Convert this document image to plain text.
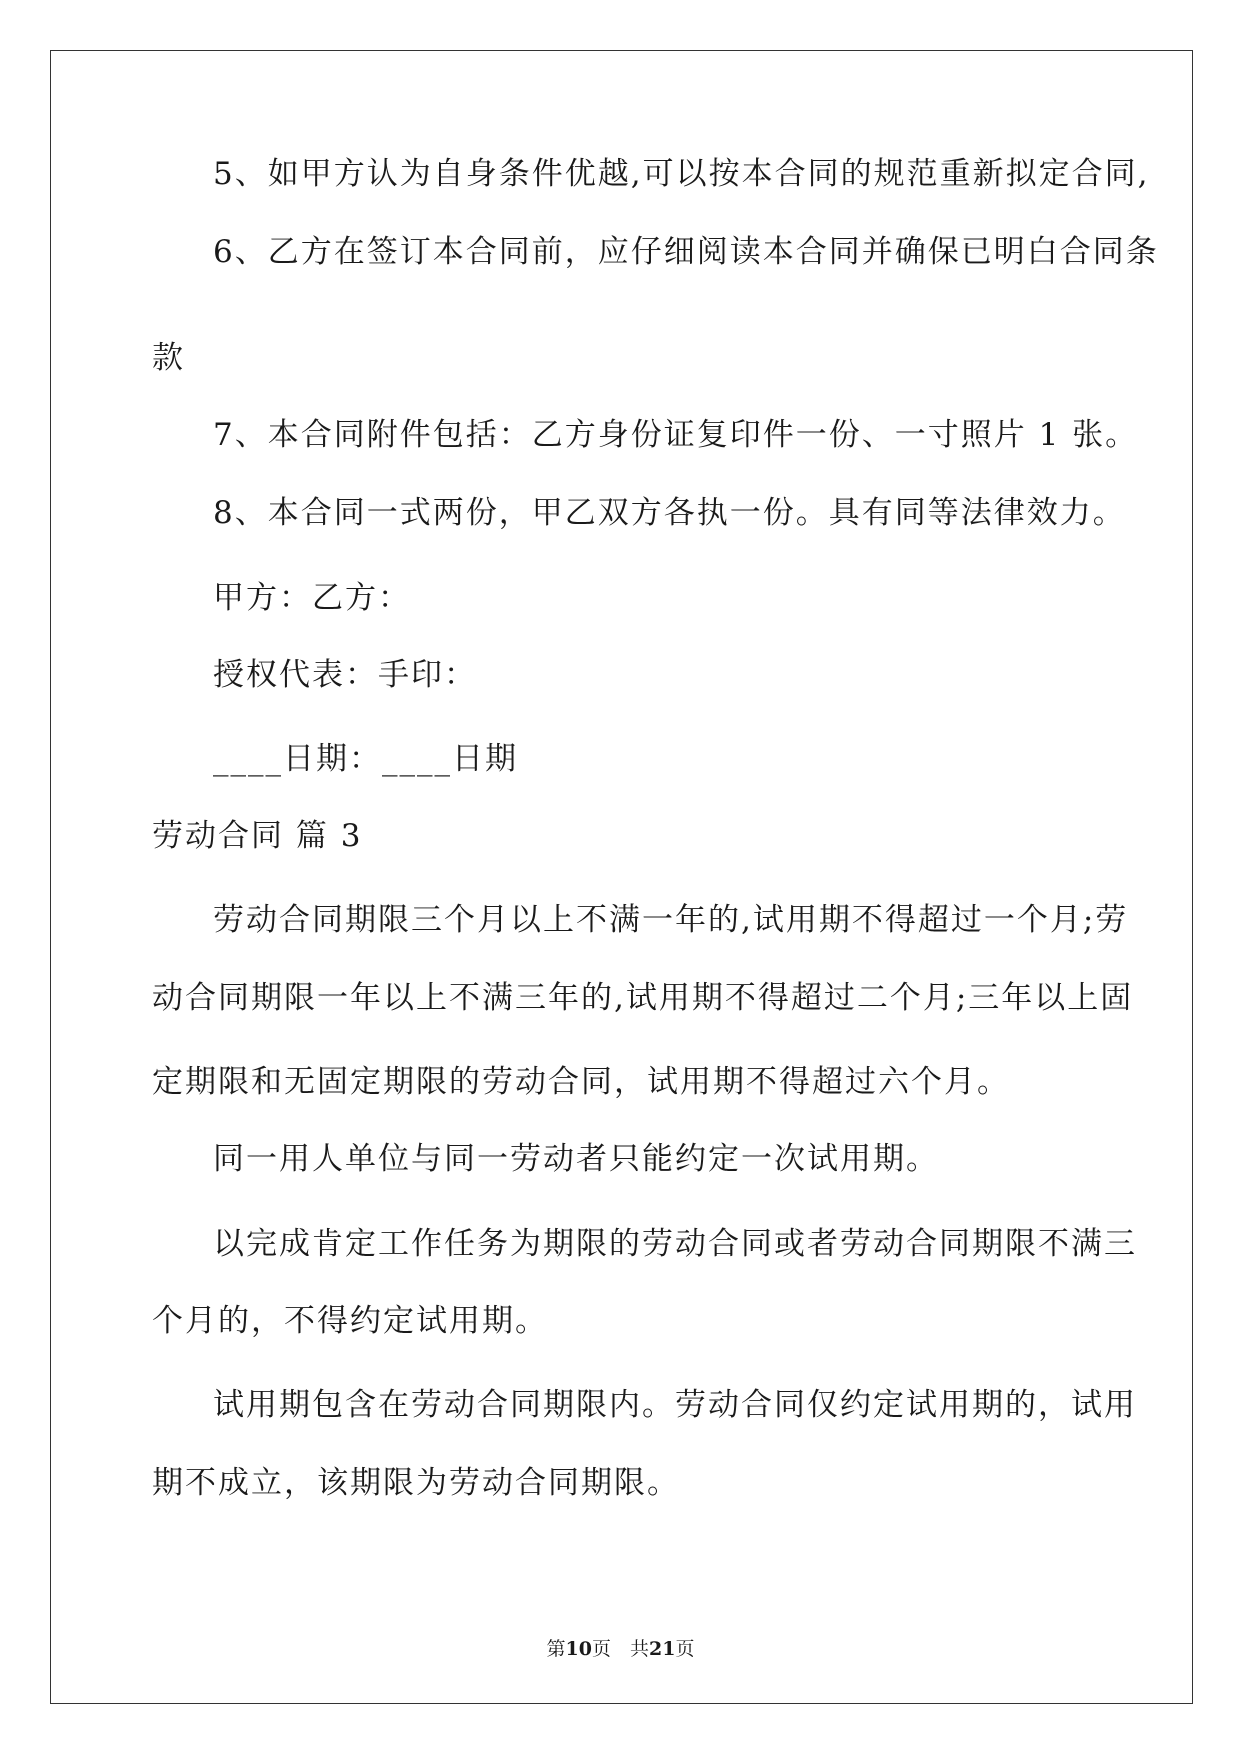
5、如甲方认为自身条件优越,可以按本合同的规范重新拟定合同,
6、乙方在签订本合同前，应仔细阅读本合同并确保已明白合同条
款
7、本合同附件包括：乙方身份证复印件一份、一寸照片 1 张。
8、本合同一式两份，甲乙双方各执一份。具有同等法律效力。
甲方：乙方：
授权代表：手印：
____日期：____日期
劳动合同 篇 3
劳动合同期限三个月以上不满一年的,试用期不得超过一个月;劳
动合同期限一年以上不满三年的,试用期不得超过二个月;三年以上固
定期限和无固定期限的劳动合同，试用期不得超过六个月。
同一用人单位与同一劳动者只能约定一次试用期。
以完成肯定工作任务为期限的劳动合同或者劳动合同期限不满三
个月的，不得约定试用期。
试用期包含在劳动合同期限内。劳动合同仅约定试用期的，试用
期不成立，该期限为劳动合同期限。
第10页　共21页
